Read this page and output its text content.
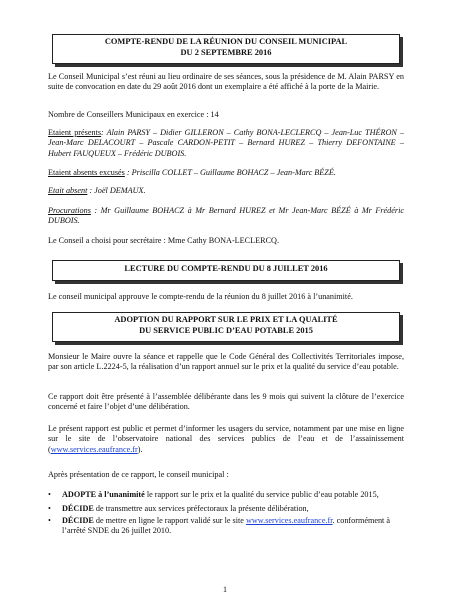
COMPTE-RENDU DE LA RÉUNION DU CONSEIL MUNICIPAL
DU 2 SEPTEMBRE 2016
Le Conseil Municipal s’est réuni au lieu ordinaire de ses séances, sous la présidence de M. Alain PARSY en suite de convocation en date du 29 août 2016 dont un exemplaire a été affiché à la porte de la Mairie.
Nombre de Conseillers Municipaux en exercice : 14
Etaient présents: Alain PARSY – Didier GILLERON – Cathy BONA-LECLERCQ – Jean-Luc THÉRON – Jean-Marc DELACOURT – Pascale CARDON-PETIT – Bernard HUREZ – Thierry DEFONTAINE – Hubert FAUQUEUX – Frédéric DUBOIS.
Etaient absents excusés : Priscilla COLLET – Guillaume BOHACZ – Jean-Marc BÉZÉ.
Etait absent : Joël DEMAUX.
Procurations : Mr Guillaume BOHACZ à Mr Bernard HUREZ et Mr Jean-Marc BÉZÉ à Mr Frédéric DUBOIS.
Le Conseil a choisi pour secrétaire : Mme Cathy BONA-LECLERCQ.
LECTURE DU COMPTE-RENDU DU 8 JUILLET 2016
Le conseil municipal approuve le compte-rendu de la réunion du 8 juillet 2016 à l’unanimité.
ADOPTION DU RAPPORT SUR LE PRIX ET LA QUALITÉ
DU SERVICE PUBLIC D’EAU POTABLE 2015
Monsieur le Maire ouvre la séance et rappelle que le Code Général des Collectivités Territoriales impose, par son article L.2224-5, la réalisation d’un rapport annuel sur le prix et la qualité du service d’eau potable.
Ce rapport doit être présenté à l’assemblée délibérante dans les 9 mois qui suivent la clôture de l’exercice concerné et faire l’objet d’une délibération.
Le présent rapport est public et permet d’informer les usagers du service, notamment par une mise en ligne sur le site de l’observatoire national des services publics de l’eau et de l’assainissement (www.services.eaufrance.fr).
Après présentation de ce rapport, le conseil municipal :
•	ADOPTE à l’unanimité le rapport sur le prix et la qualité du service public d’eau potable 2015,
•	DÉCIDE de transmettre aux services préfectoraux la présente délibération,
•	DÉCIDE de mettre en ligne le rapport validé sur le site www.services.eaufrance.fr. conformément à l’arrêté SNDE du 26 juillet 2010.
1
